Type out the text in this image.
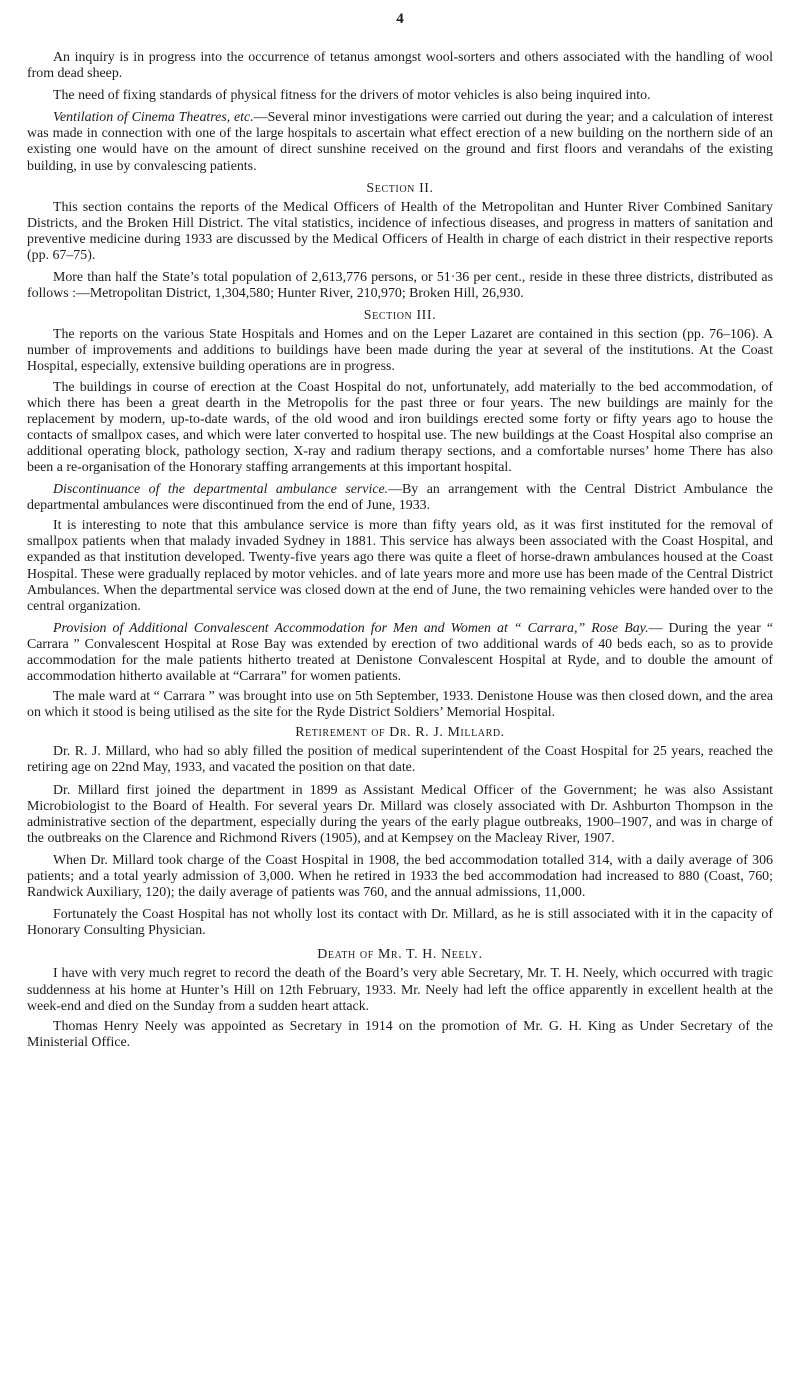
4

An inquiry is in progress into the occurrence of tetanus amongst wool-sorters and others associated with the handling of wool from dead sheep.

The need of fixing standards of physical fitness for the drivers of motor vehicles is also being inquired into.

Ventilation of Cinema Theatres, etc.—Several minor investigations were carried out during the year; and a calculation of interest was made in connection with one of the large hospitals to ascertain what effect erection of a new building on the northern side of an existing one would have on the amount of direct sunshine received on the ground and first floors and verandahs of the existing building, in use by convalescing patients.

Section II.

This section contains the reports of the Medical Officers of Health of the Metropolitan and Hunter River Combined Sanitary Districts, and the Broken Hill District. The vital statistics, incidence of infectious diseases, and progress in matters of sanitation and preventive medicine during 1933 are discussed by the Medical Officers of Health in charge of each district in their respective reports (pp. 67–75).

More than half the State’s total population of 2,613,776 persons, or 51·36 per cent., reside in these three districts, distributed as follows :—Metropolitan District, 1,304,580; Hunter River, 210,970; Broken Hill, 26,930.

Section III.

The reports on the various State Hospitals and Homes and on the Leper Lazaret are contained in this section (pp. 76–106). A number of improvements and additions to buildings have been made during the year at several of the institutions. At the Coast Hospital, especially, extensive building operations are in progress.

The buildings in course of erection at the Coast Hospital do not, unfortunately, add materially to the bed accommodation, of which there has been a great dearth in the Metropolis for the past three or four years. The new buildings are mainly for the replacement by modern, up-to-date wards, of the old wood and iron buildings erected some forty or fifty years ago to house the contacts of smallpox cases, and which were later converted to hospital use. The new buildings at the Coast Hospital also comprise an additional operating block, pathology section, X-ray and radium therapy sections, and a comfortable nurses’ home There has also been a re-organisation of the Honorary staffing arrangements at this important hospital.

Discontinuance of the departmental ambulance service.—By an arrangement with the Central District Ambulance the departmental ambulances were discontinued from the end of June, 1933.

It is interesting to note that this ambulance service is more than fifty years old, as it was first instituted for the removal of smallpox patients when that malady invaded Sydney in 1881. This service has always been associated with the Coast Hospital, and expanded as that institution developed. Twenty-five years ago there was quite a fleet of horse-drawn ambulances housed at the Coast Hospital. These were gradually replaced by motor vehicles. and of late years more and more use has been made of the Central District Ambulances. When the departmental service was closed down at the end of June, the two remaining vehicles were handed over to the central organization.

Provision of Additional Convalescent Accommodation for Men and Women at “ Carrara,” Rose Bay.— During the year “ Carrara ” Convalescent Hospital at Rose Bay was extended by erection of two additional wards of 40 beds each, so as to provide accommodation for the male patients hitherto treated at Denistone Convalescent Hospital at Ryde, and to double the amount of accommodation hitherto available at “Carrara” for women patients.

The male ward at “ Carrara ” was brought into use on 5th September, 1933. Denistone House was then closed down, and the area on which it stood is being utilised as the site for the Ryde District Soldiers’ Memorial Hospital.

Retirement of Dr. R. J. Millard.

Dr. R. J. Millard, who had so ably filled the position of medical superintendent of the Coast Hospital for 25 years, reached the retiring age on 22nd May, 1933, and vacated the position on that date.

Dr. Millard first joined the department in 1899 as Assistant Medical Officer of the Government; he was also Assistant Microbiologist to the Board of Health. For several years Dr. Millard was closely associated with Dr. Ashburton Thompson in the administrative section of the department, especially during the years of the early plague outbreaks, 1900–1907, and was in charge of the outbreaks on the Clarence and Richmond Rivers (1905), and at Kempsey on the Macleay River, 1907.

When Dr. Millard took charge of the Coast Hospital in 1908, the bed accommodation totalled 314, with a daily average of 306 patients; and a total yearly admission of 3,000. When he retired in 1933 the bed accommodation had increased to 880 (Coast, 760; Randwick Auxiliary, 120); the daily average of patients was 760, and the annual admissions, 11,000.

Fortunately the Coast Hospital has not wholly lost its contact with Dr. Millard, as he is still associated with it in the capacity of Honorary Consulting Physician.

Death of Mr. T. H. Neely.

I have with very much regret to record the death of the Board’s very able Secretary, Mr. T. H. Neely, which occurred with tragic suddenness at his home at Hunter’s Hill on 12th February, 1933. Mr. Neely had left the office apparently in excellent health at the week-end and died on the Sunday from a sudden heart attack.

Thomas Henry Neely was appointed as Secretary in 1914 on the promotion of Mr. G. H. King as Under Secretary of the Ministerial Office.
